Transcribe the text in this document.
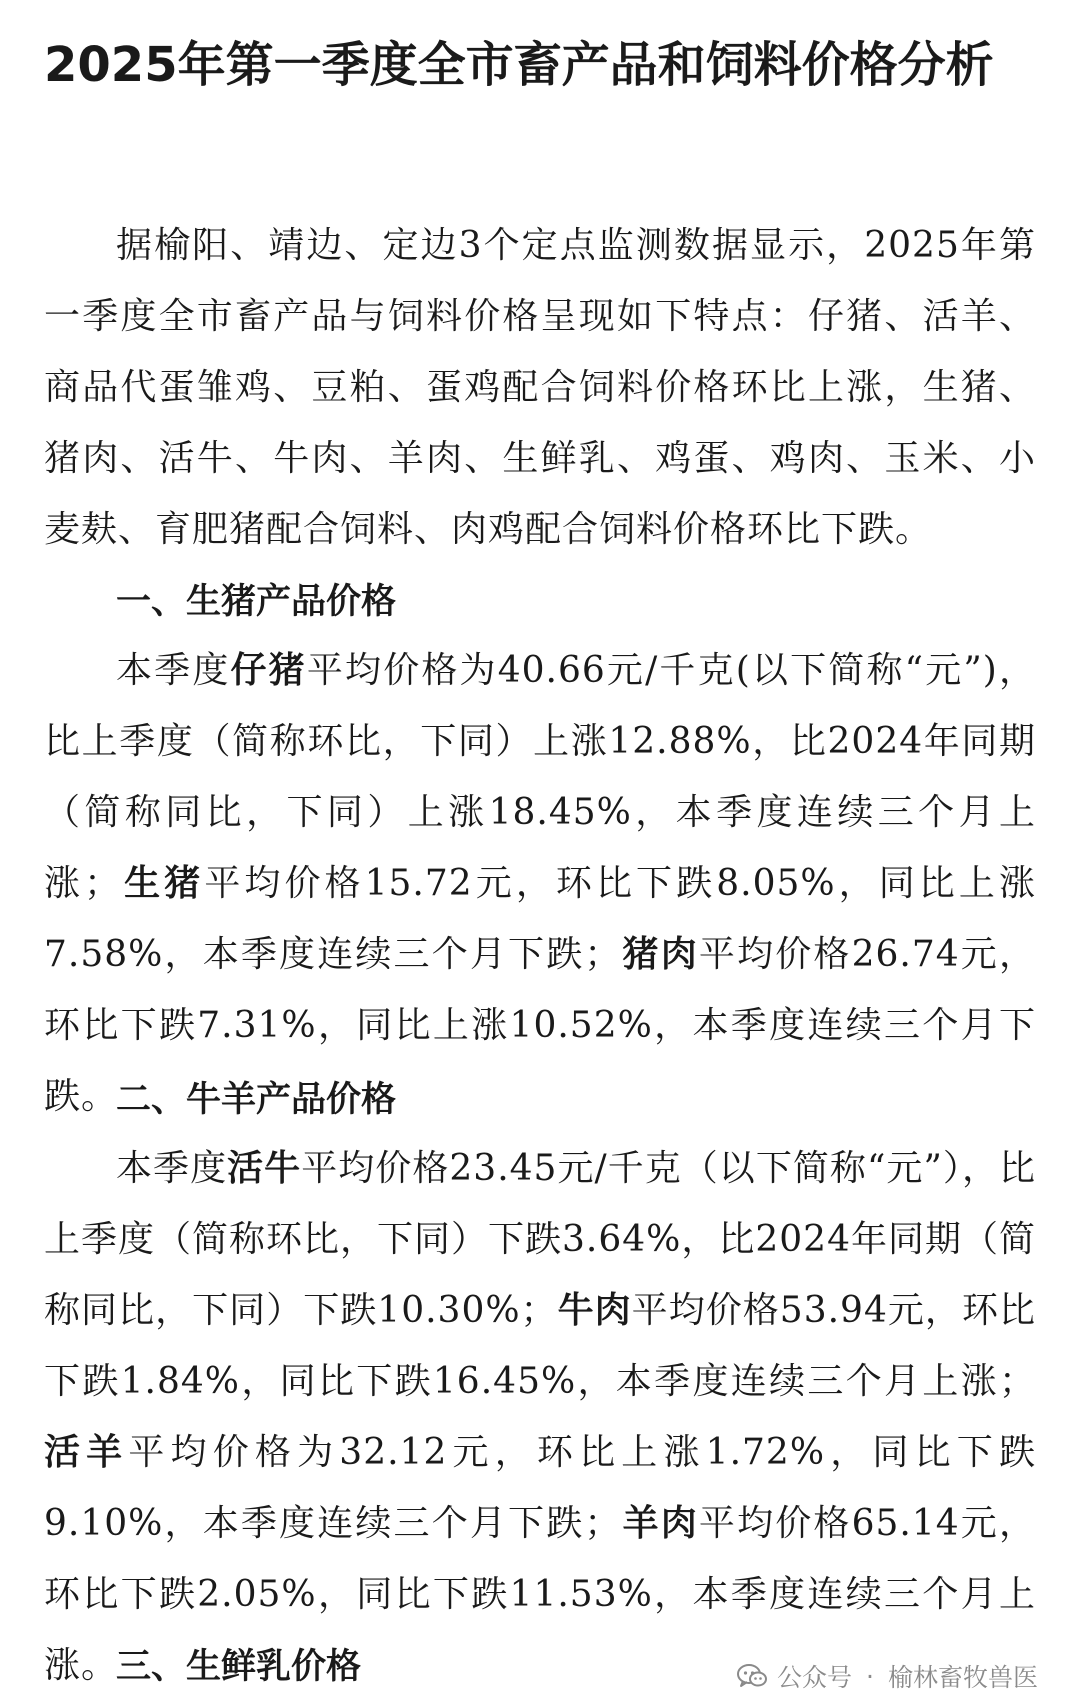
2025年第一季度全市畜产品和饲料价格分析

据榆阳、靖边、定边3个定点监测数据显示，2025年第一季度全市畜产品与饲料价格呈现如下特点：仔猪、活羊、商品代蛋雏鸡、豆粕、蛋鸡配合饲料价格环比上涨，生猪、猪肉、活牛、牛肉、羊肉、生鲜乳、鸡蛋、鸡肉、玉米、小麦麸、育肥猪配合饲料、肉鸡配合饲料价格环比下跌。

一、生猪产品价格

本季度仔猪平均价格为40.66元/千克(以下简称“元”)，比上季度（简称环比，下同）上涨12.88%，比2024年同期（简称同比，下同）上涨18.45%，本季度连续三个月上涨；生猪平均价格15.72元，环比下跌8.05%，同比上涨7.58%，本季度连续三个月下跌；猪肉平均价格26.74元，环比下跌7.31%，同比上涨10.52%，本季度连续三个月下跌。

二、牛羊产品价格

本季度活牛平均价格23.45元/千克（以下简称“元”），比上季度（简称环比，下同）下跌3.64%，比2024年同期（简称同比，下同）下跌10.30%；牛肉平均价格53.94元，环比下跌1.84%，同比下跌16.45%，本季度连续三个月上涨；活羊平均价格为32.12元，环比上涨1.72%，同比下跌9.10%，本季度连续三个月下跌；羊肉平均价格65.14元，环比下跌2.05%，同比下跌11.53%，本季度连续三个月上涨。

三、生鲜乳价格	公众号 · 榆林畜牧兽医
